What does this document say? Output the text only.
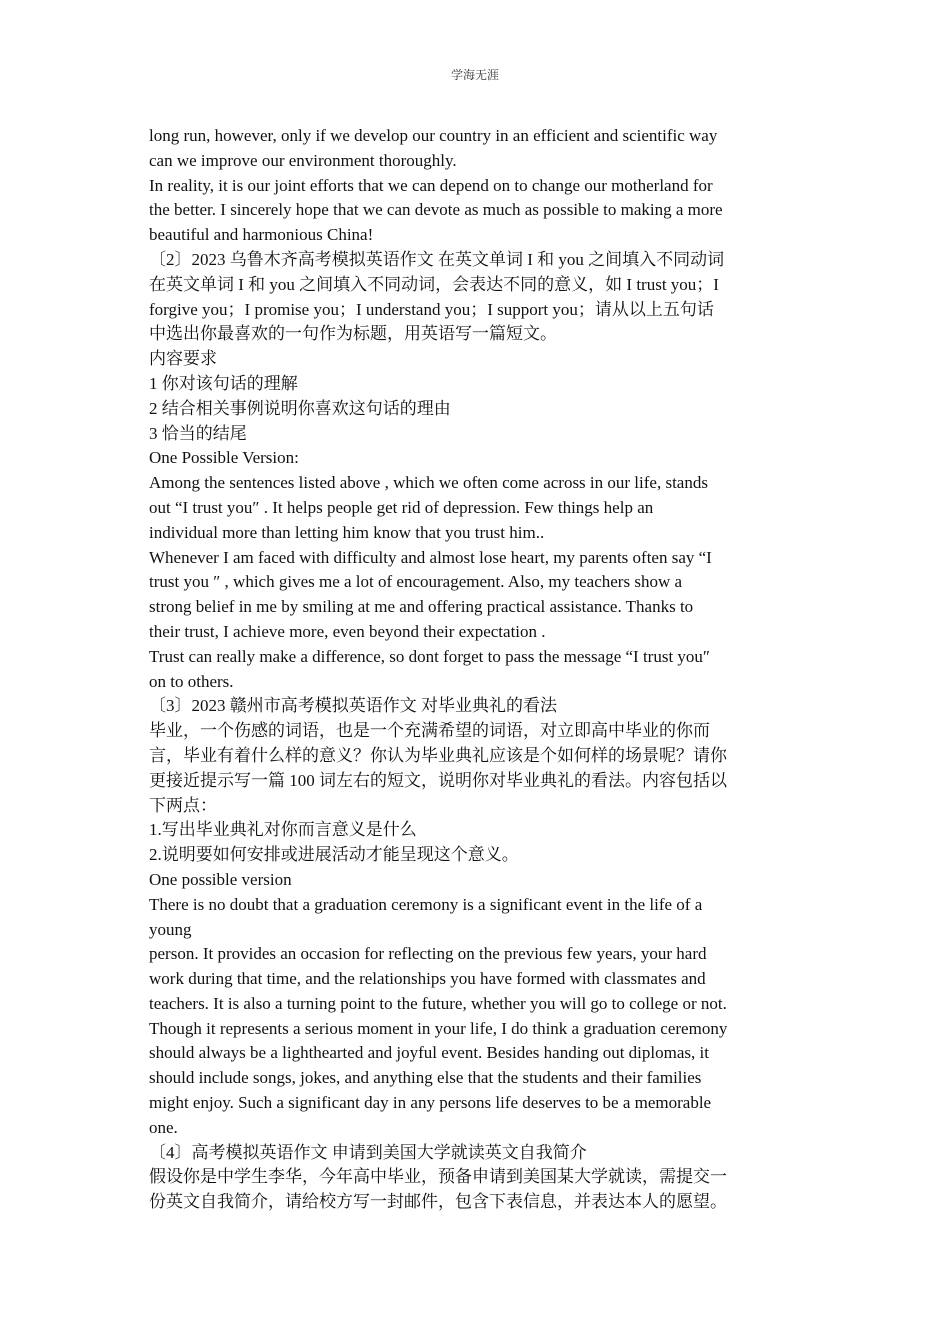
学海无涯
long run, however, only if we develop our country in an efficient and scientific way
can we improve our environment thoroughly.
In reality, it is our joint efforts that we can depend on to change our motherland for
the better. I sincerely hope that we can devote as much as possible to making a more
beautiful and harmonious China!
〔2〕2023 乌鲁木齐高考模拟英语作文 在英文单词 I 和 you 之间填入不同动词
在英文单词 I 和 you 之间填入不同动词，会表达不同的意义，如 I trust you；I
forgive you；I promise you；I understand you；I support you；请从以上五句话
中选出你最喜欢的一句作为标题，用英语写一篇短文。
内容要求
1 你对该句话的理解
2 结合相关事例说明你喜欢这句话的理由
3 恰当的结尾
One Possible Version:
Among the sentences listed above , which we often come across in our life, stands
out “I trust you″ . It helps people get rid of depression. Few things help an
individual more than letting him know that you trust him..
Whenever I am faced with difficulty and almost lose heart, my parents often say “I
trust you ″ , which gives me a lot of encouragement. Also, my teachers show a
strong belief in me by smiling at me and offering practical assistance. Thanks to
their trust, I achieve more, even beyond their expectation .
Trust can really make a difference, so dont forget to pass the message “I trust you″
on to others.
〔3〕2023 赣州市高考模拟英语作文 对毕业典礼的看法
毕业，一个伤感的词语，也是一个充满希望的词语，对立即高中毕业的你而
言，毕业有着什么样的意义？你认为毕业典礼应该是个如何样的场景呢？请你
更接近提示写一篇 100 词左右的短文，说明你对毕业典礼的看法。内容包括以
下两点：
1.写出毕业典礼对你而言意义是什么
2.说明要如何安排或进展活动才能呈现这个意义。
One possible version
There is no doubt that a graduation ceremony is a significant event in the life of a
young
person. It provides an occasion for reflecting on the previous few years, your hard
work during that time, and the relationships you have formed with classmates and
teachers. It is also a turning point to the future, whether you will go to college or not.
Though it represents a serious moment in your life, I do think a graduation ceremony
should always be a lighthearted and joyful event. Besides handing out diplomas, it
should include songs, jokes, and anything else that the students and their families
might enjoy. Such a significant day in any persons life deserves to be a memorable
one.
〔4〕高考模拟英语作文 申请到美国大学就读英文自我简介
假设你是中学生李华，今年高中毕业，预备申请到美国某大学就读，需提交一
份英文自我简介，请给校方写一封邮件，包含下表信息，并表达本人的愿望。
